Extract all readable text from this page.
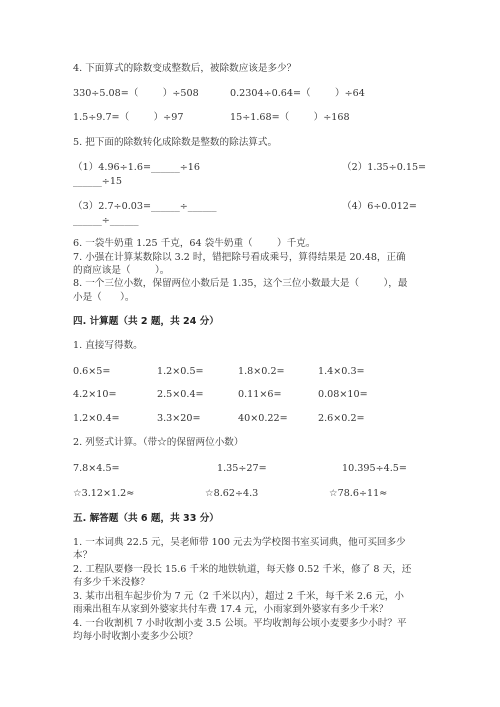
4. 下面算式的除数变成整数后，被除数应该是多少？
330÷5.08=（        ）÷508	0.2304÷0.64=（        ）÷64
1.5÷9.7=（        ）÷97	15÷1.68=（        ）÷168
5. 把下面的除数转化成除数是整数的除法算式。
（1）4.96÷1.6=______÷16	（2）1.35÷0.15=
______÷15
（3）2.7÷0.03=______÷______	（4）6÷0.012=
______÷______
6. 一袋牛奶重 1.25 千克，64 袋牛奶重（        ）千克。
7. 小强在计算某数除以 3.2 时，错把除号看成乘号，算得结果是 20.48，正确
的商应该是（        ）。
8. 一个三位小数，保留两位小数后是 1.35，这个三位小数最大是（        ），最
小是（      ）。
四. 计算题（共 2 题，共 24 分）
1. 直接写得数。
0.6×5=	1.2×0.5=	1.8×0.2=	1.4×0.3=
4.2×10=	2.5×0.4=	0.11×6=	0.08×10=
1.2×0.4=	3.3×20=	40×0.22=	2.6×0.2=
2. 列竖式计算。（带☆的保留两位小数）
7.8×4.5=	1.35÷27=	10.395÷4.5=
☆3.12×1.2≈	☆8.62÷4.3	☆78.6÷11≈
五. 解答题（共 6 题，共 33 分）
1. 一本词典 22.5 元，吴老师带 100 元去为学校图书室买词典，他可买回多少
本？
2. 工程队要修一段长 15.6 千米的地铁轨道，每天修 0.52 千米，修了 8 天，还
有多少千米没修？
3. 某市出租车起步价为 7 元（2 千米以内），超过 2 千米，每千米 2.6 元，小
雨乘出租车从家到外婆家共付车费 17.4 元，小雨家到外婆家有多少千米？
4. 一台收割机 7 小时收割小麦 3.5 公顷。平均收割每公顷小麦要多少小时？平
均每小时收割小麦多少公顷？
